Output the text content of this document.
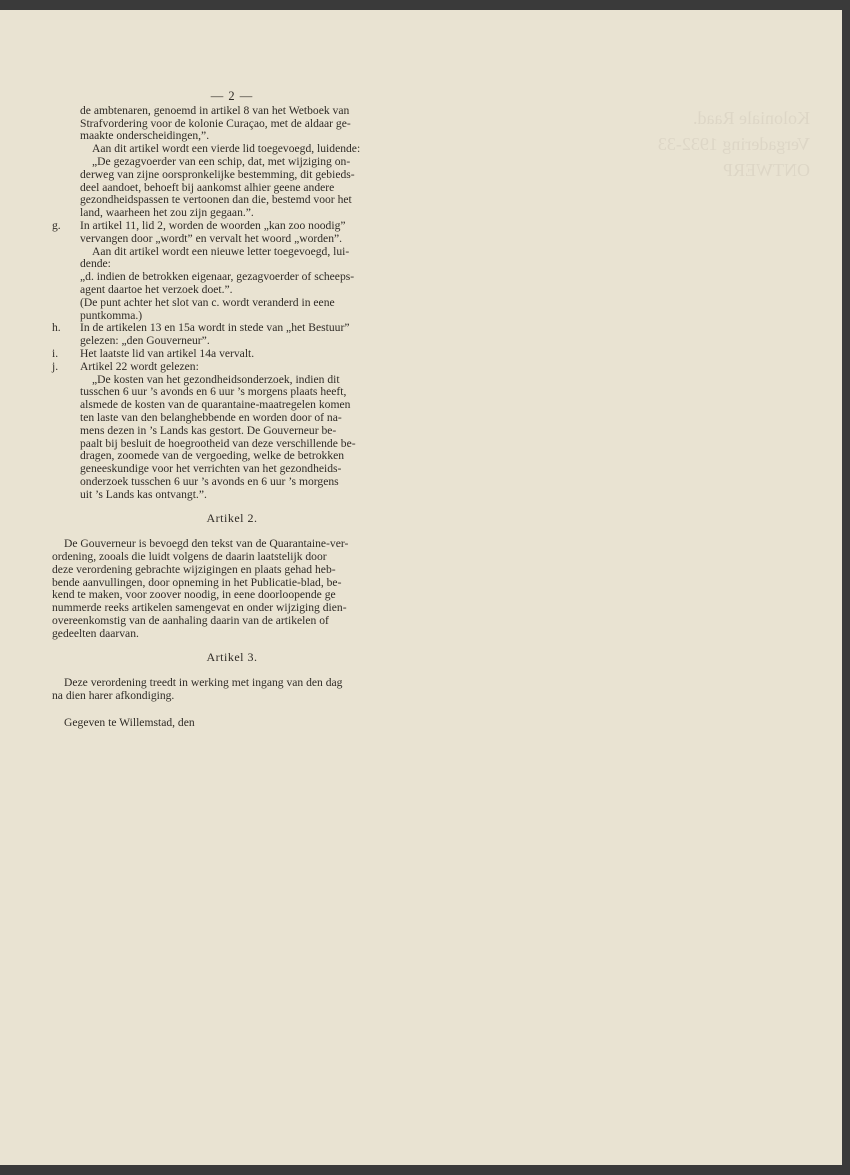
Koloniale Raad.
Vergadering 1932-33
ONTWERP
— 2 —

de ambtenaren, genoemd in artikel 8 van het Wetboek van

Strafvordering voor de kolonie Curaçao, met de aldaar ge-

maakte onderscheidingen,”.

Aan dit artikel wordt een vierde lid toegevoegd, luidende:

„De gezagvoerder van een schip, dat, met wijziging on-

derweg van zijne oorspronkelijke bestemming, dit gebieds-

deel aandoet, behoeft bij aankomst alhier geene andere

gezondheidspassen te vertoonen dan die, bestemd voor het

land, waarheen het zou zijn gegaan.”.

g.	In artikel 11, lid 2, worden de woorden „kan zoo noodig”

vervangen door „wordt” en vervalt het woord „worden”.

Aan dit artikel wordt een nieuwe letter toegevoegd, lui-

dende:

„d. indien de betrokken eigenaar, gezagvoerder of scheeps-

agent daartoe het verzoek doet.”.

(De punt achter het slot van c. wordt veranderd in eene

puntkomma.)

h.	In de artikelen 13 en 15a wordt in stede van „het Bestuur”

gelezen: „den Gouverneur”.

i.	Het laatste lid van artikel 14a vervalt.

j.	Artikel 22 wordt gelezen:

„De kosten van het gezondheidsonderzoek, indien dit

tusschen 6 uur ’s avonds en 6 uur ’s morgens plaats heeft,

alsmede de kosten van de quarantaine-maatregelen komen

ten laste van den belanghebbende en worden door of na-

mens dezen in ’s Lands kas gestort. De Gouverneur be-

paalt bij besluit de hoegrootheid van deze verschillende be-

dragen, zoomede van de vergoeding, welke de betrokken

geneeskundige voor het verrichten van het gezondheids-

onderzoek tusschen 6 uur ’s avonds en 6 uur ’s morgens

uit ’s Lands kas ontvangt.”.

Artikel 2.

De Gouverneur is bevoegd den tekst van de Quarantaine-ver-

ordening, zooals die luidt volgens de daarin laatstelijk door

deze verordening gebrachte wijzigingen en plaats gehad heb-

bende aanvullingen, door opneming in het Publicatie-blad, be-

kend te maken, voor zoover noodig, in eene doorloopende ge

nummerde reeks artikelen samengevat en onder wijziging dien-

overeenkomstig van de aanhaling daarin van de artikelen of

gedeelten daarvan.

Artikel 3.

Deze verordening treedt in werking met ingang van den dag

na dien harer afkondiging.

Gegeven te Willemstad, den
